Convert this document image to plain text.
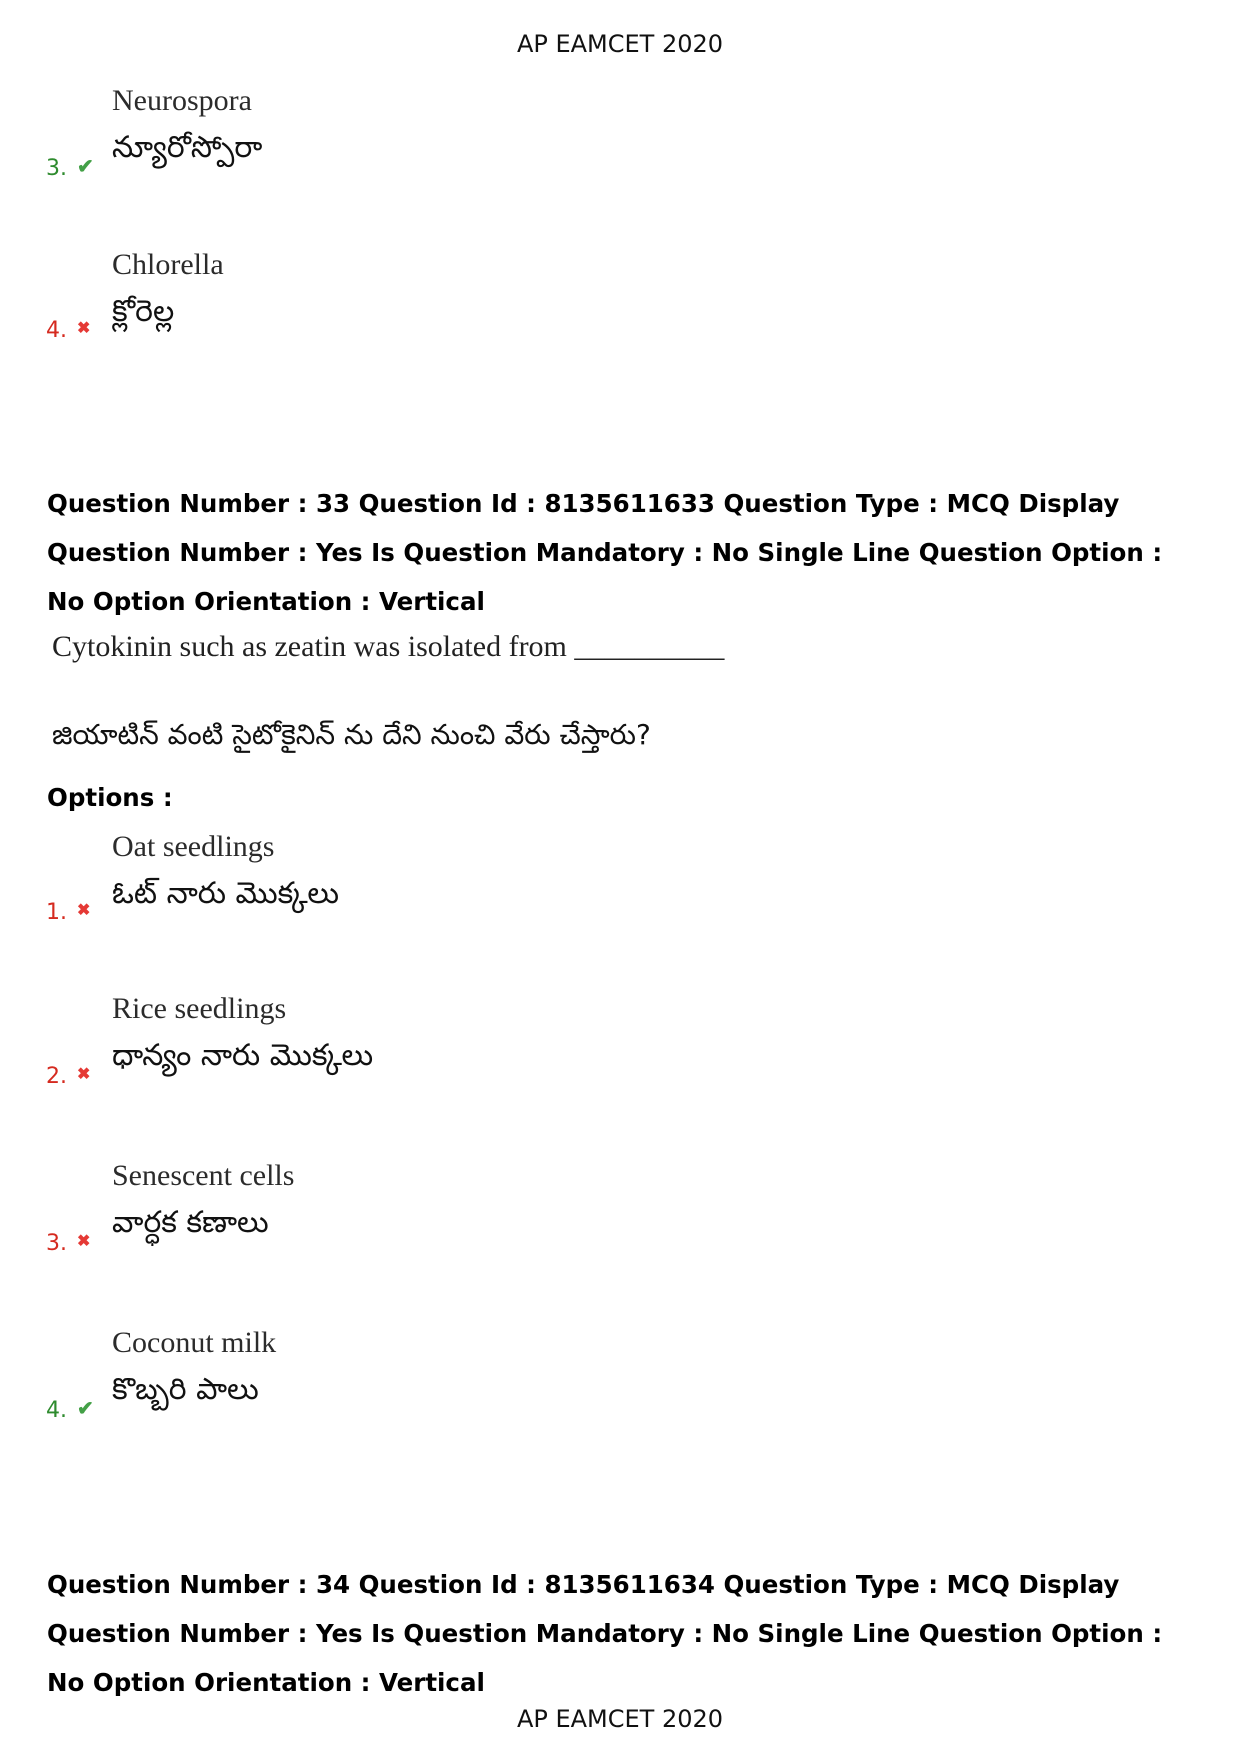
AP EAMCET 2020
Neurospora
న్యూరోస్పోరా
3. ✔
Chlorella
క్లోరెల్ల
4. ✖
Question Number : 33 Question Id : 8135611633 Question Type : MCQ Display Question Number : Yes Is Question Mandatory : No Single Line Question Option : No Option Orientation : Vertical
Cytokinin such as zeatin was isolated from __________
జియాటిన్ వంటి సైటోకైనిన్ ను దేని నుంచి వేరు చేస్తారు?
Options :
Oat seedlings
ఓట్ నారు మొక్కలు
1. ✖
Rice seedlings
ధాన్యం నారు మొక్కలు
2. ✖
Senescent cells
వార్ధక కణాలు
3. ✖
Coconut milk
కొబ్బరి పాలు
4. ✔
Question Number : 34 Question Id : 8135611634 Question Type : MCQ Display Question Number : Yes Is Question Mandatory : No Single Line Question Option : No Option Orientation : Vertical
AP EAMCET 2020
